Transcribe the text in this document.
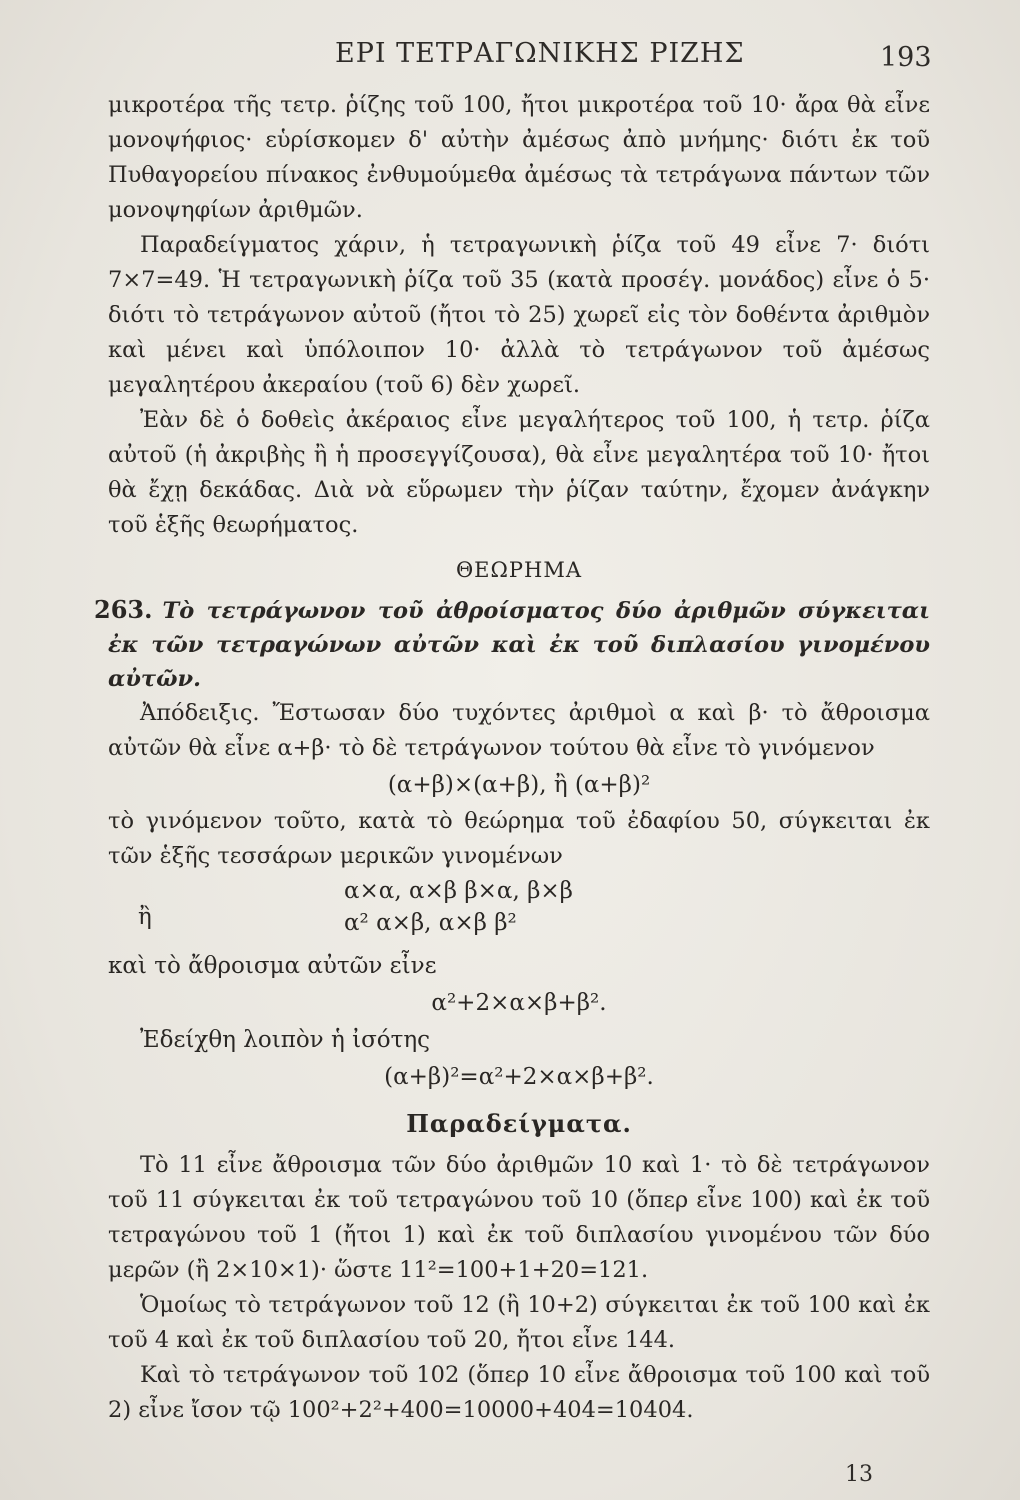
ΕΡΙ ΤΕΤΡΑΓΩΝΙΚΗΣ ΡΙΖΗΣ	193

μικροτέρα τῆς τετρ. ῥίζης τοῦ 100, ἤτοι μικροτέρα τοῦ 10· ἄρα θὰ εἶνε μονοψήφιος· εὑρίσκομεν δ' αὐτὴν ἀμέσως ἀπὸ μνήμης· διότι ἐκ τοῦ Πυθαγορείου πίνακος ἐνθυμούμεθα ἀμέσως τὰ τετράγωνα πάντων τῶν μονοψηφίων ἀριθμῶν.

Παραδείγματος χάριν, ἡ τετραγωνικὴ ῥίζα τοῦ 49 εἶνε 7· διότι 7×7=49. Ἡ τετραγωνικὴ ῥίζα τοῦ 35 (κατὰ προσέγ. μονάδος) εἶνε ὁ 5· διότι τὸ τετράγωνον αὐτοῦ (ἤτοι τὸ 25) χωρεῖ εἰς τὸν δοθέντα ἀριθμὸν καὶ μένει καὶ ὑπόλοιπον 10· ἀλλὰ τὸ τετράγωνον τοῦ ἀμέσως μεγαλητέρου ἀκεραίου (τοῦ 6) δὲν χωρεῖ.

Ἐὰν δὲ ὁ δοθεὶς ἀκέραιος εἶνε μεγαλήτερος τοῦ 100, ἡ τετρ. ῥίζα αὐτοῦ (ἡ ἀκριβὴς ἢ ἡ προσεγγίζουσα), θὰ εἶνε μεγαλητέρα τοῦ 10· ἤτοι θὰ ἔχῃ δεκάδας. Διὰ νὰ εὕρωμεν τὴν ῥίζαν ταύτην, ἔχομεν ἀνάγκην τοῦ ἑξῆς θεωρήματος.

ΘΕΩΡΗΜΑ

263. Τὸ τετράγωνον τοῦ ἀθροίσματος δύο ἀριθμῶν σύγκειται ἐκ τῶν τετραγώνων αὐτῶν καὶ ἐκ τοῦ διπλασίου γινομένου αὐτῶν.

Ἀπόδειξις. Ἔστωσαν δύο τυχόντες ἀριθμοὶ α καὶ β· τὸ ἄθροισμα αὐτῶν θὰ εἶνε α+β· τὸ δὲ τετράγωνον τούτου θὰ εἶνε τὸ γινόμενον

(α+β)×(α+β), ἢ (α+β)²

τὸ γινόμενον τοῦτο, κατὰ τὸ θεώρημα τοῦ ἐδαφίου 50, σύγκειται ἐκ τῶν ἑξῆς τεσσάρων μερικῶν γινομένων

ἢ
α×α, α×β β×α, β×β
α² α×β, α×β β²

καὶ τὸ ἄθροισμα αὐτῶν εἶνε

α²+2×α×β+β².

Ἐδείχθη λοιπὸν ἡ ἰσότης

(α+β)²=α²+2×α×β+β².

Παραδείγματα.

Τὸ 11 εἶνε ἄθροισμα τῶν δύο ἀριθμῶν 10 καὶ 1· τὸ δὲ τετράγωνον τοῦ 11 σύγκειται ἐκ τοῦ τετραγώνου τοῦ 10 (ὅπερ εἶνε 100) καὶ ἐκ τοῦ τετραγώνου τοῦ 1 (ἤτοι 1) καὶ ἐκ τοῦ διπλασίου γινομένου τῶν δύο μερῶν (ἢ 2×10×1)· ὥστε 11²=100+1+20=121.

Ὁμοίως τὸ τετράγωνον τοῦ 12 (ἢ 10+2) σύγκειται ἐκ τοῦ 100 καὶ ἐκ τοῦ 4 καὶ ἐκ τοῦ διπλασίου τοῦ 20, ἤτοι εἶνε 144.

Καὶ τὸ τετράγωνον τοῦ 102 (ὅπερ 10 εἶνε ἄθροισμα τοῦ 100 καὶ τοῦ 2) εἶνε ἴσον τῷ 100²+2²+400=10000+404=10404.

13
